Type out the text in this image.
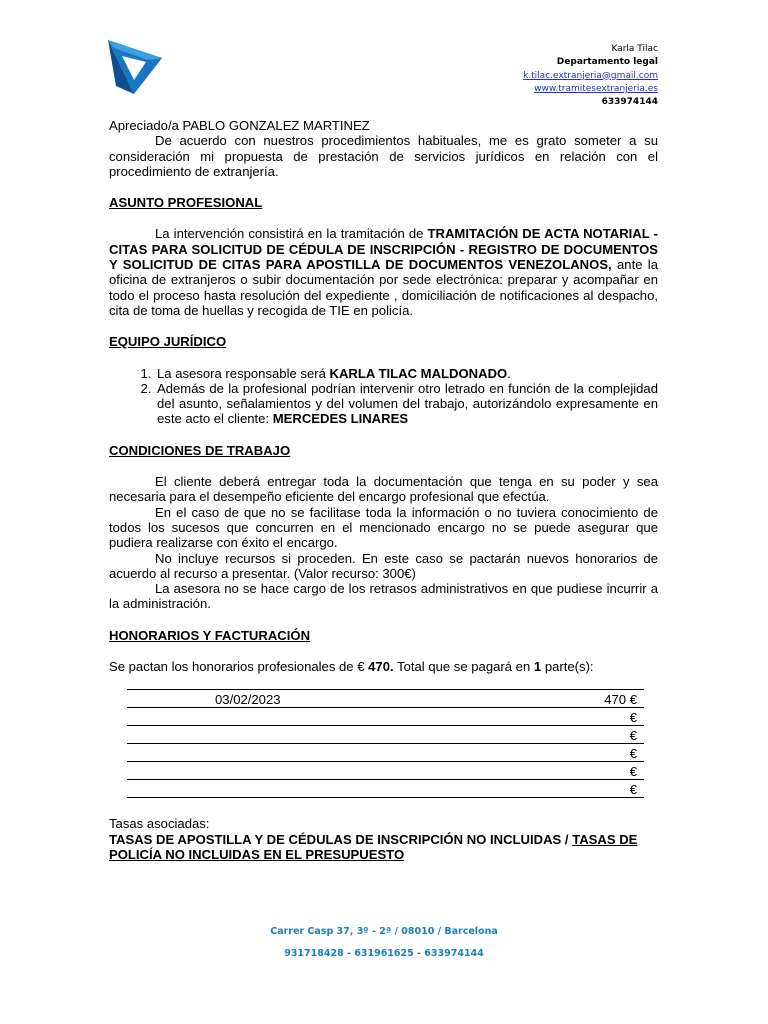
Karla Tilac
Departamento legal
k.tilac.extranjeria@gmail.com
www.tramitesextranjeria.es
633974144

Apreciado/a PABLO GONZALEZ MARTINEZ

De acuerdo con nuestros procedimientos habituales, me es grato someter a su consideración mi propuesta de prestación de servicios jurídicos en relación con el procedimiento de extranjería.

ASUNTO PROFESIONAL

La intervención consistirá en la tramitación de TRAMITACIÓN DE ACTA NOTARIAL - CITAS PARA SOLICITUD DE CÉDULA DE INSCRIPCIÓN - REGISTRO DE DOCUMENTOS Y SOLICITUD DE CITAS PARA APOSTILLA DE DOCUMENTOS VENEZOLANOS, ante la oficina de extranjeros o subir documentación por sede electrónica: preparar y acompañar en todo el proceso hasta resolución del expediente , domiciliación de notificaciones al despacho, cita de toma de huellas y recogida de TIE en policía.

EQUIPO JURÍDICO

1. La asesora responsable será KARLA TILAC MALDONADO.
2. Además de la profesional podrían intervenir otro letrado en función de la complejidad del asunto, señalamientos y del volumen del trabajo, autorizándolo expresamente en este acto el cliente: MERCEDES LINARES

CONDICIONES DE TRABAJO

El cliente deberá entregar toda la documentación que tenga en su poder y sea necesaria para el desempeño eficiente del encargo profesional que efectúa.

En el caso de que no se facilitase toda la información o no tuviera conocimiento de todos los sucesos que concurren en el mencionado encargo no se puede asegurar que pudiera realizarse con éxito el encargo.

No incluye recursos si proceden. En este caso se pactarán nuevos honorarios de acuerdo al recurso a presentar. (Valor recurso: 300€)

La asesora no se hace cargo de los retrasos administrativos en que pudiese incurrir a la administración.

HONORARIOS Y FACTURACIÓN

Se pactan los honorarios profesionales de € 470. Total que se pagará en 1 parte(s):

03/02/2023	470 €
	€
	€
	€
	€
	€

Tasas asociadas:

TASAS DE APOSTILLA Y DE CÉDULAS DE INSCRIPCIÓN NO INCLUIDAS / TASAS DE POLICÍA NO INCLUIDAS EN EL PRESUPUESTO

Carrer Casp 37, 3º - 2ª / 08010 / Barcelona
931718428 - 631961625 - 633974144
